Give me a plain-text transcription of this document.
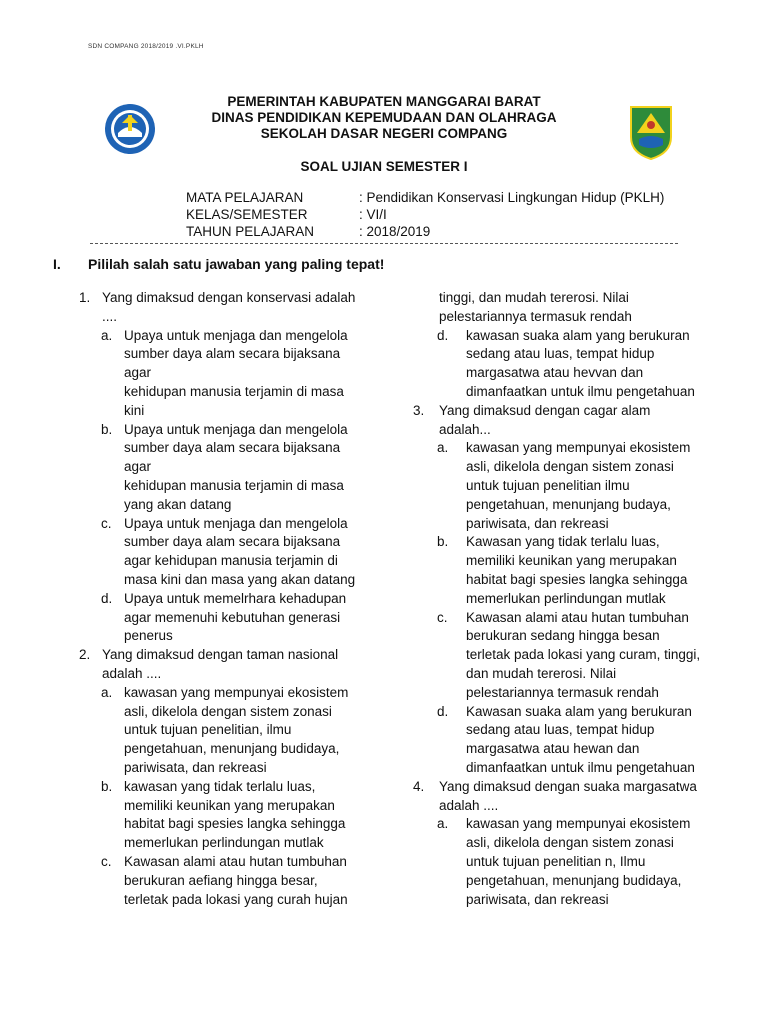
SDN COMPANG 2018/2019 .VI.PKLH
PEMERINTAH KABUPATEN MANGGARAI BARAT
DINAS PENDIDIKAN KEPEMUDAAN DAN OLAHRAGA
SEKOLAH DASAR NEGERI COMPANG
SOAL UJIAN SEMESTER I
MATA PELAJARAN	: Pendidikan Konservasi Lingkungan Hidup (PKLH)
KELAS/SEMESTER	: VI/I
TAHUN PELAJARAN	: 2018/2019
I. Pililah salah satu jawaban yang paling tepat!
1. Yang dimaksud dengan konservasi adalah
....
a. Upaya untuk menjaga dan mengelola
sumber daya alam secara bijaksana
agar
kehidupan manusia terjamin di masa
kini
b. Upaya untuk menjaga dan mengelola
sumber daya alam secara bijaksana
agar
kehidupan manusia terjamin di masa
yang akan datang
c. Upaya untuk menjaga dan mengelola
sumber daya alam secara bijaksana
agar kehidupan manusia terjamin di
masa kini dan masa yang akan datang
d. Upaya untuk memelrhara kehadupan
agar memenuhi kebutuhan generasi
penerus
2. Yang dimaksud dengan taman nasional
adalah ....
a. kawasan yang mempunyai ekosistem
asli, dikelola dengan sistem zonasi
untuk tujuan penelitian, ilmu
pengetahuan, menunjang budidaya,
pariwisata, dan rekreasi
b. kawasan yang tidak terlalu luas,
memiliki keunikan yang merupakan
habitat bagi spesies langka sehingga
memerlukan perlindungan mutlak
c. Kawasan alami atau hutan tumbuhan
berukuran aefiang hingga besar,
terletak pada lokasi yang curah hujan
tinggi, dan mudah tererosi. Nilai
pelestariannya termasuk rendah
d. kawasan suaka alam yang berukuran
sedang atau luas, tempat hidup
margasatwa atau hevvan dan
dimanfaatkan untuk ilmu pengetahuan
3. Yang dimaksud dengan cagar alam
adalah...
a. kawasan yang mempunyai ekosistem
asli, dikelola dengan sistem zonasi
untuk tujuan penelitian ilmu
pengetahuan, menunjang budaya,
pariwisata, dan rekreasi
b. Kawasan yang tidak terlalu luas,
memiliki keunikan yang merupakan
habitat bagi spesies langka sehingga
memerlukan perlindungan mutlak
c. Kawasan alami atau hutan tumbuhan
berukuran sedang hingga besan
terletak pada lokasi yang curam, tinggi,
dan mudah tererosi. Nilai
pelestariannya termasuk rendah
d. Kawasan suaka alam yang berukuran
sedang atau luas, tempat hidup
margasatwa atau hewan dan
dimanfaatkan untuk ilmu pengetahuan
4. Yang dimaksud dengan suaka margasatwa
adalah ....
a. kawasan yang mempunyai ekosistem
asli, dikelola dengan sistem zonasi
untuk tujuan penelitian n, Ilmu
pengetahuan, menunjang budidaya,
pariwisata, dan rekreasi
